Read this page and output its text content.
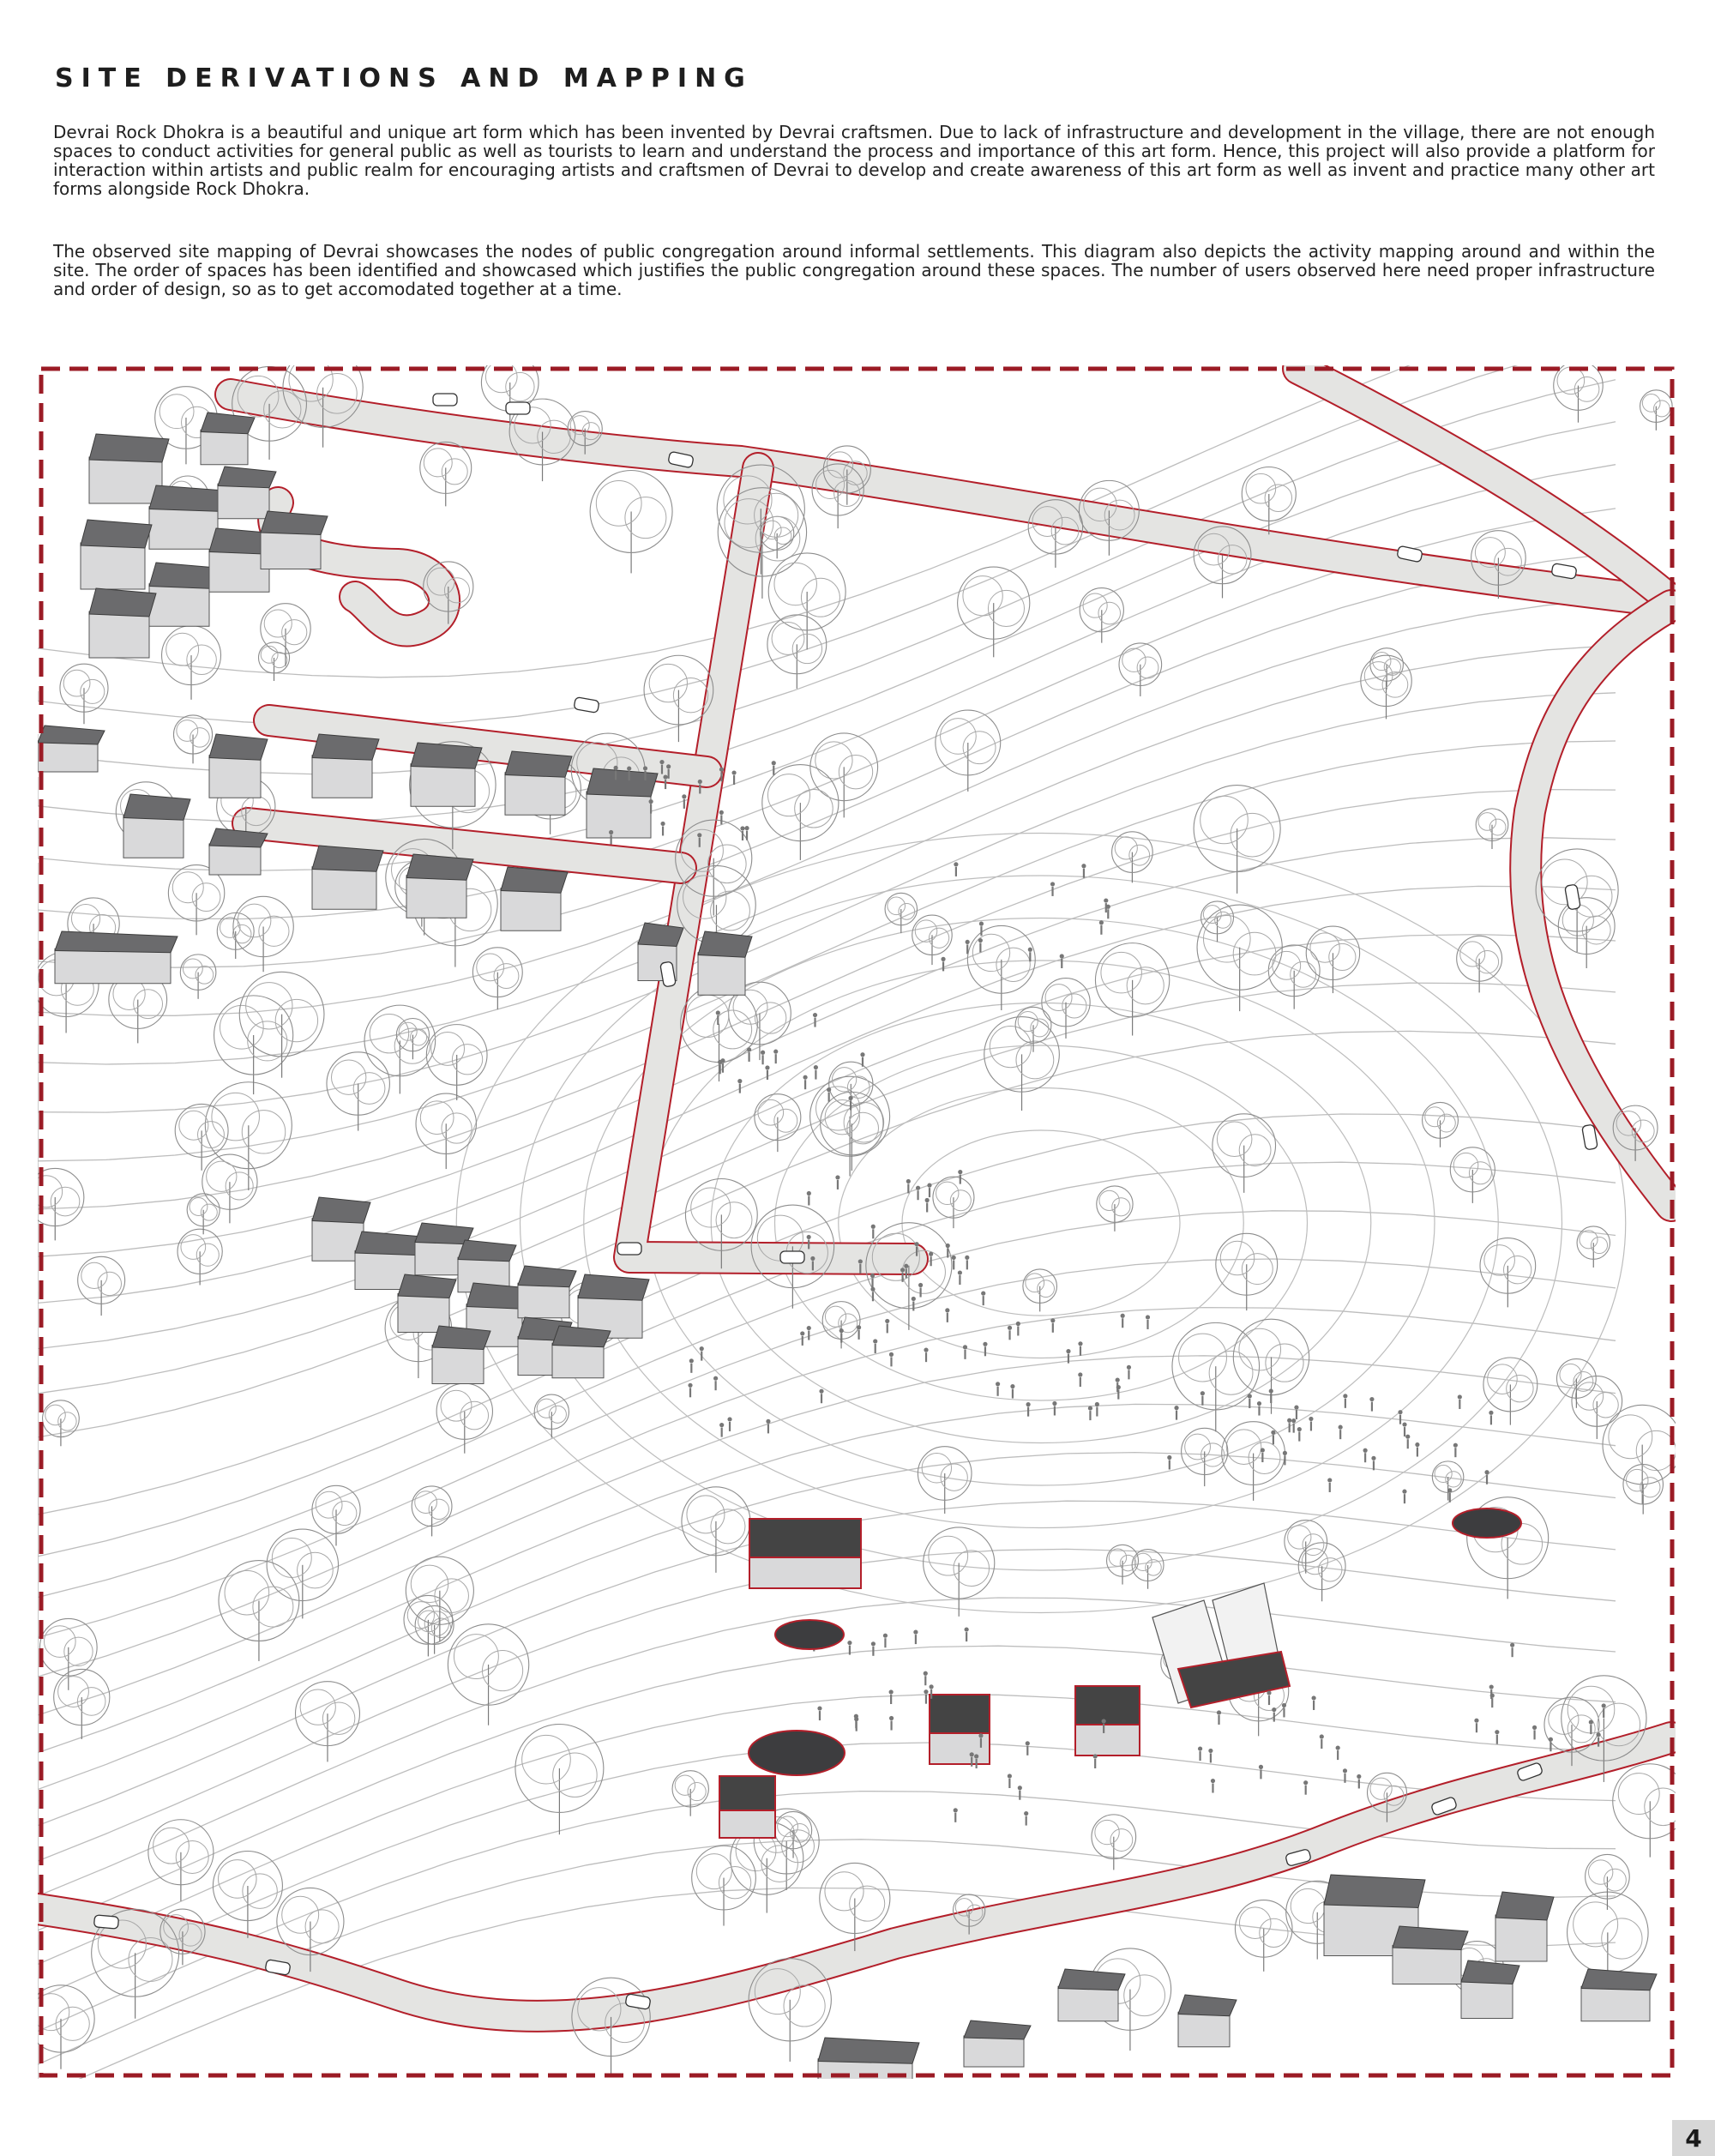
SITE DERIVATIONS AND MAPPING

Devrai Rock Dhokra is a beautiful and unique art form which has been invented by Devrai craftsmen. Due to lack of infrastructure and development in the village, there are not enough spaces to conduct activities for general public as well as tourists to learn and understand the process and importance of this art form. Hence, this project will also provide a platform for interaction within artists and public realm for encouraging artists and craftsmen of Devrai to develop and create awareness of this art form as well as invent and practice many other art forms alongside Rock Dhokra.

The observed site mapping of Devrai showcases the nodes of public congregation around informal settlements. This diagram also depicts the activity mapping around and within the site. The order of spaces has been identified and showcased which justifies the public congregation around these spaces. The number of users observed here need proper infrastructure and order of design, so as to get accomodated together at a time.

4
